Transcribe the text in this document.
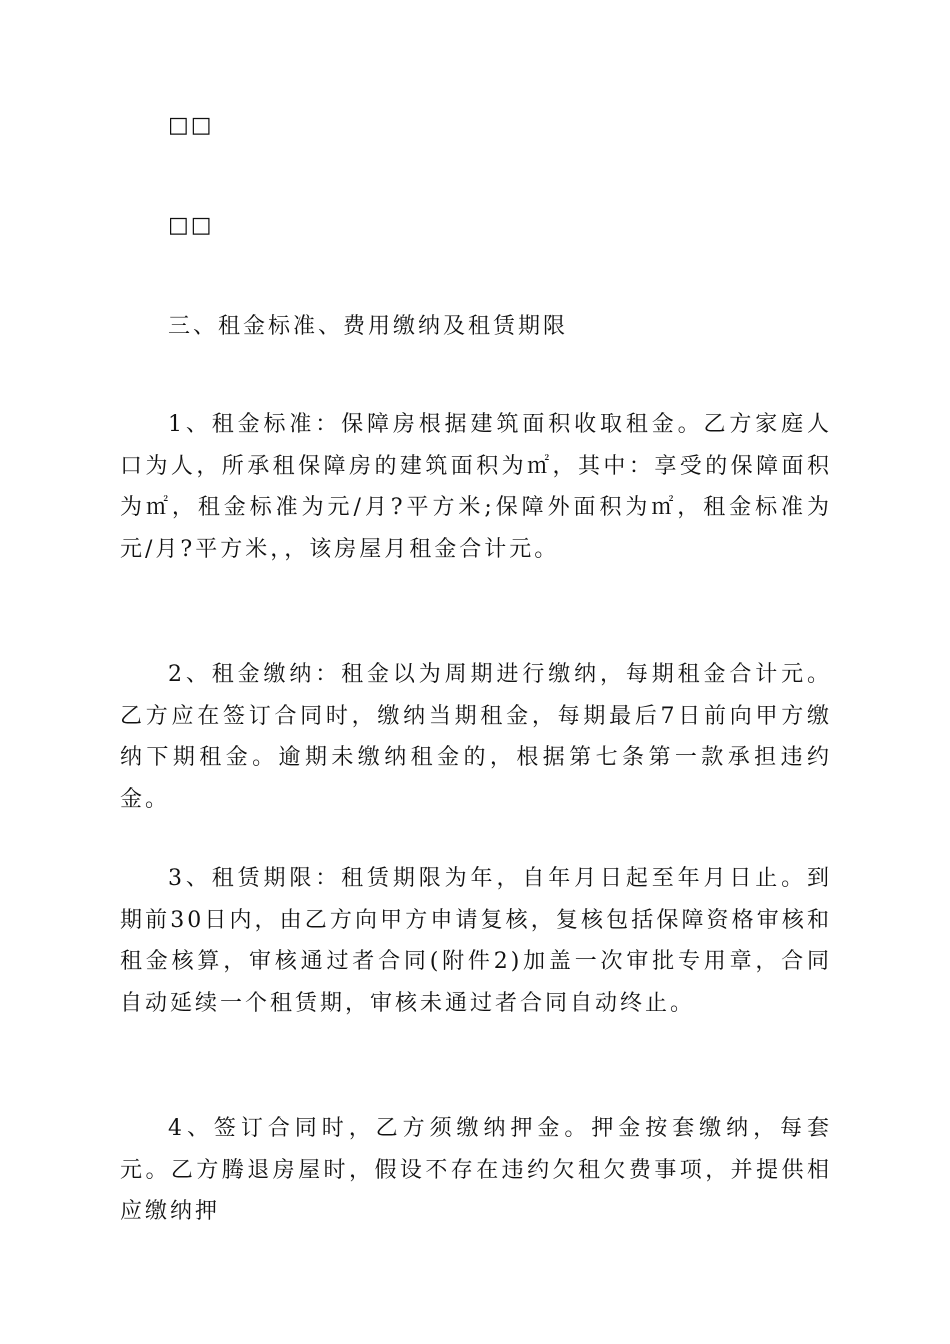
□□
□□
三、租金标准、费用缴纳及租赁期限

1、租金标准：保障房根据建筑面积收取租金。乙方家庭人口为人，所承租保障房的建筑面积为㎡，其中：享受的保障面积为㎡，租金标准为元/月?平方米;保障外面积为㎡，租金标准为元/月?平方米，，该房屋月租金合计元。

2、租金缴纳：租金以为周期进行缴纳，每期租金合计元。乙方应在签订合同时，缴纳当期租金，每期最后7日前向甲方缴纳下期租金。逾期未缴纳租金的，根据第七条第一款承担违约金。

3、租赁期限：租赁期限为年，自年月日起至年月日止。到期前30日内，由乙方向甲方申请复核，复核包括保障资格审核和租金核算，审核通过者合同(附件2)加盖一次审批专用章，合同自动延续一个租赁期，审核未通过者合同自动终止。

4、签订合同时，乙方须缴纳押金。押金按套缴纳，每套元。乙方腾退房屋时，假设不存在违约欠租欠费事项，并提供相应缴纳押
